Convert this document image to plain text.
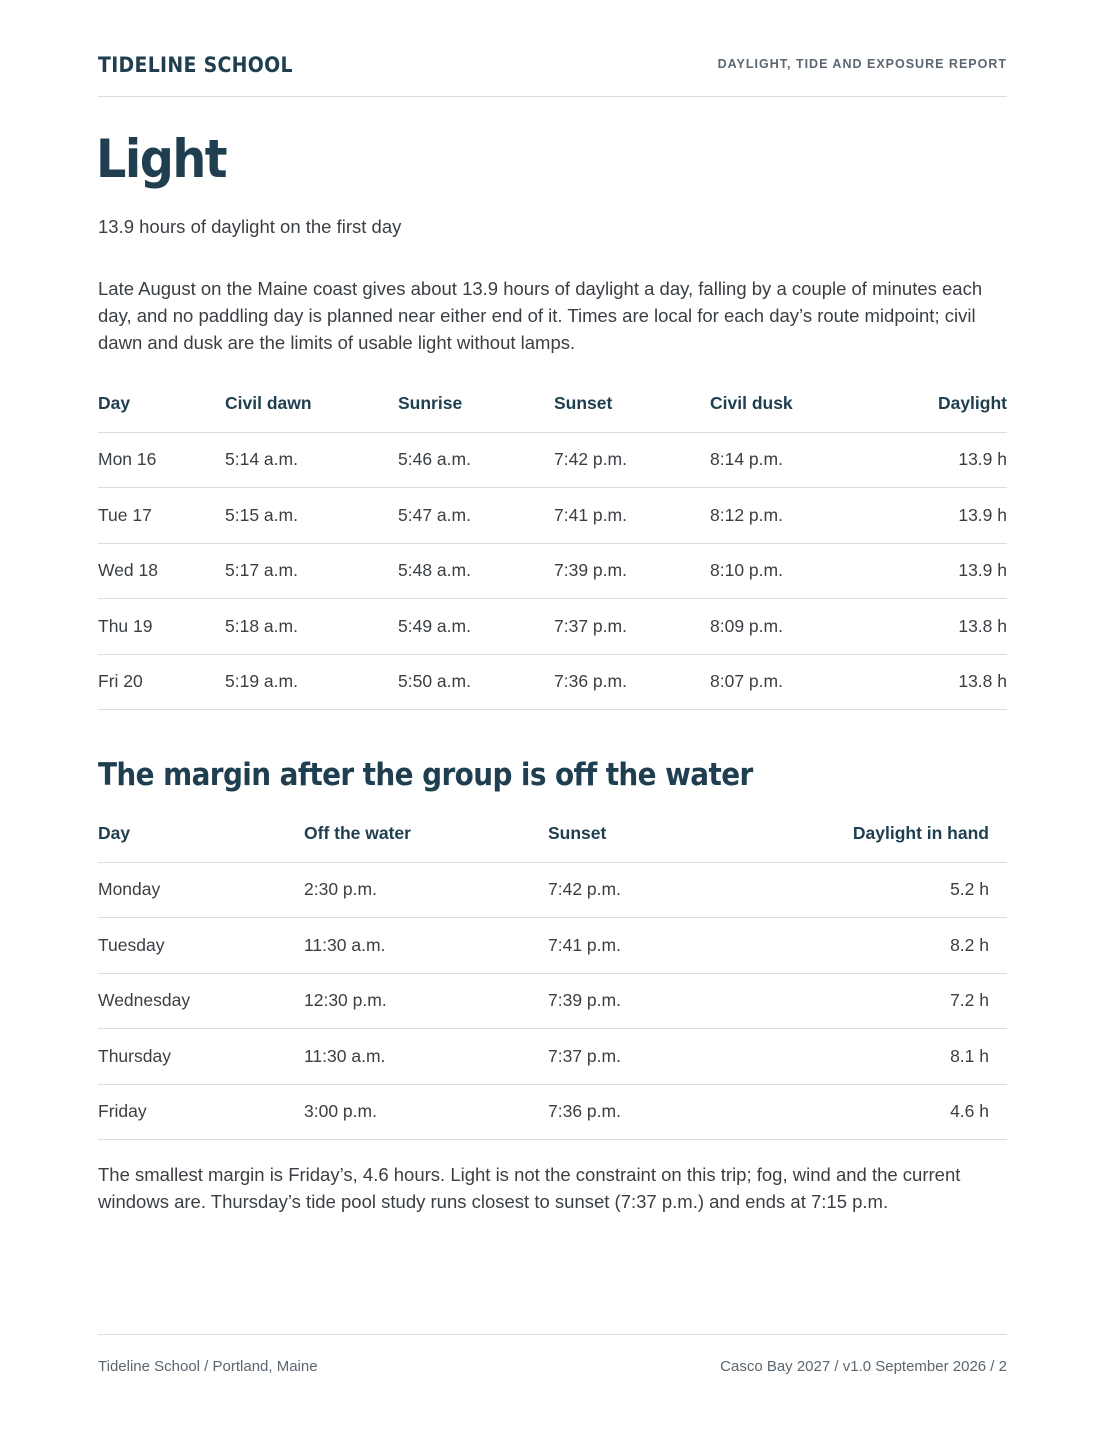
TIDELINE SCHOOL	DAYLIGHT, TIDE AND EXPOSURE REPORT
Light

13.9 hours of daylight on the first day

Late August on the Maine coast gives about 13.9 hours of daylight a day, falling by a couple of minutes each day, and no paddling day is planned near either end of it. Times are local for each day’s route midpoint; civil dawn and dusk are the limits of usable light without lamps.

Day	Civil dawn	Sunrise	Sunset	Civil dusk	Daylight
Mon 16	5:14 a.m.	5:46 a.m.	7:42 p.m.	8:14 p.m.	13.9 h
Tue 17	5:15 a.m.	5:47 a.m.	7:41 p.m.	8:12 p.m.	13.9 h
Wed 18	5:17 a.m.	5:48 a.m.	7:39 p.m.	8:10 p.m.	13.9 h
Thu 19	5:18 a.m.	5:49 a.m.	7:37 p.m.	8:09 p.m.	13.8 h
Fri 20	5:19 a.m.	5:50 a.m.	7:36 p.m.	8:07 p.m.	13.8 h
The margin after the group is off the water
Day	Off the water	Sunset	Daylight in hand
Monday	2:30 p.m.	7:42 p.m.	5.2 h
Tuesday	11:30 a.m.	7:41 p.m.	8.2 h
Wednesday	12:30 p.m.	7:39 p.m.	7.2 h
Thursday	11:30 a.m.	7:37 p.m.	8.1 h
Friday	3:00 p.m.	7:36 p.m.	4.6 h

The smallest margin is Friday’s, 4.6 hours. Light is not the constraint on this trip; fog, wind and the current windows are. Thursday’s tide pool study runs closest to sunset (7:37 p.m.) and ends at 7:15 p.m.

Tideline School / Portland, Maine	Casco Bay 2027 / v1.0 September 2026 / 2
